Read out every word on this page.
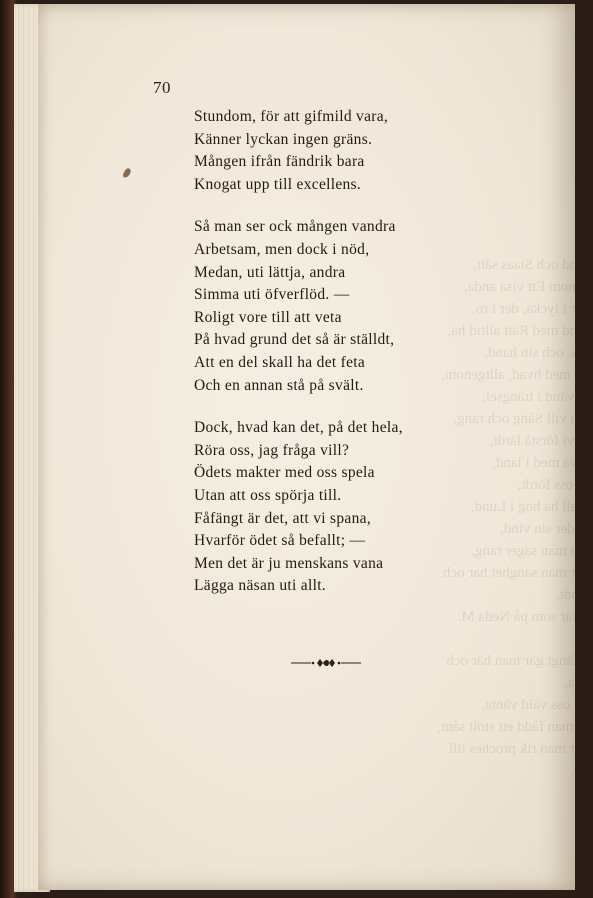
Sund och Siaas sätt,
Genom Ett visa anda,
Der i lycka, der i ro,
Sund med Rätt alltid ha,
Ars. och sin hand,
An med hvad, alltgenom,
At vänd i trängsel,
Om vill Sång och rang,
Så vi förstå lärdt,
Leva med i land,
Ar oss fördt,
Skall ha hög i Lund,
Under sin vind,
Om man säger rang,
Har man sanghet har och handt,
Sittar som på Neda M.

Fåfängt gar man här och leva,
Att oss väld vänta,
Ar man fådd ett stolt sånt,
Blir man rik proches till allt.
70
Stundom, för att gifmild vara,
Känner lyckan ingen gräns.
Mången ifrån fändrik bara
Knogat upp till excellens.
Så man ser ock mången vandra
Arbetsam, men dock i nöd,
Medan, uti lättja, andra
Simma uti öfverflöd. —
Roligt vore till att veta
På hvad grund det så är ställdt,
Att en del skall ha det feta
Och en annan stå på svält.
Dock, hvad kan det, på det hela,
Röra oss, jag fråga vill?
Ödets makter med oss spela
Utan att oss spörja till.
Fåfängt är det, att vi spana,
Hvarför ödet så befallt; —
Men det är ju menskans vana
Lägga näsan uti allt.
